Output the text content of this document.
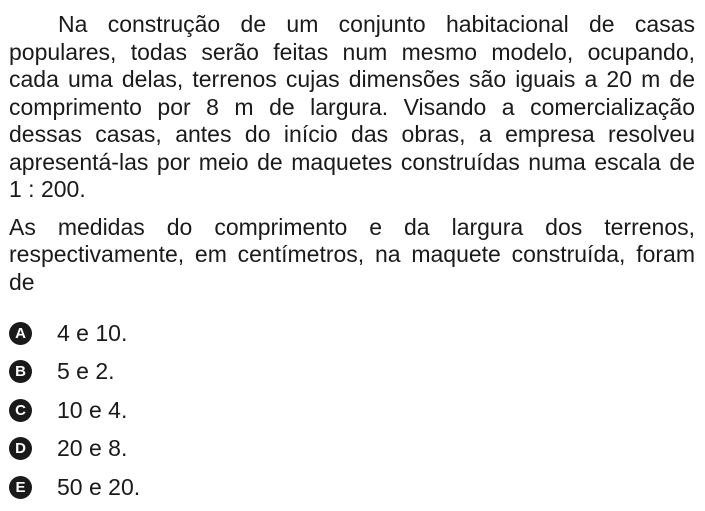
Na construção de um conjunto habitacional de casas populares, todas serão feitas num mesmo modelo, ocupando, cada uma delas, terrenos cujas dimensões são iguais a 20 m de comprimento por 8 m de largura. Visando a comercialização dessas casas, antes do início das obras, a empresa resolveu apresentá-las por meio de maquetes construídas numa escala de 1 : 200.

As medidas do comprimento e da largura dos terrenos, respectivamente, em centímetros, na maquete construída, foram de

A 4 e 10.
B 5 e 2.
C 10 e 4.
D 20 e 8.
E 50 e 20.
